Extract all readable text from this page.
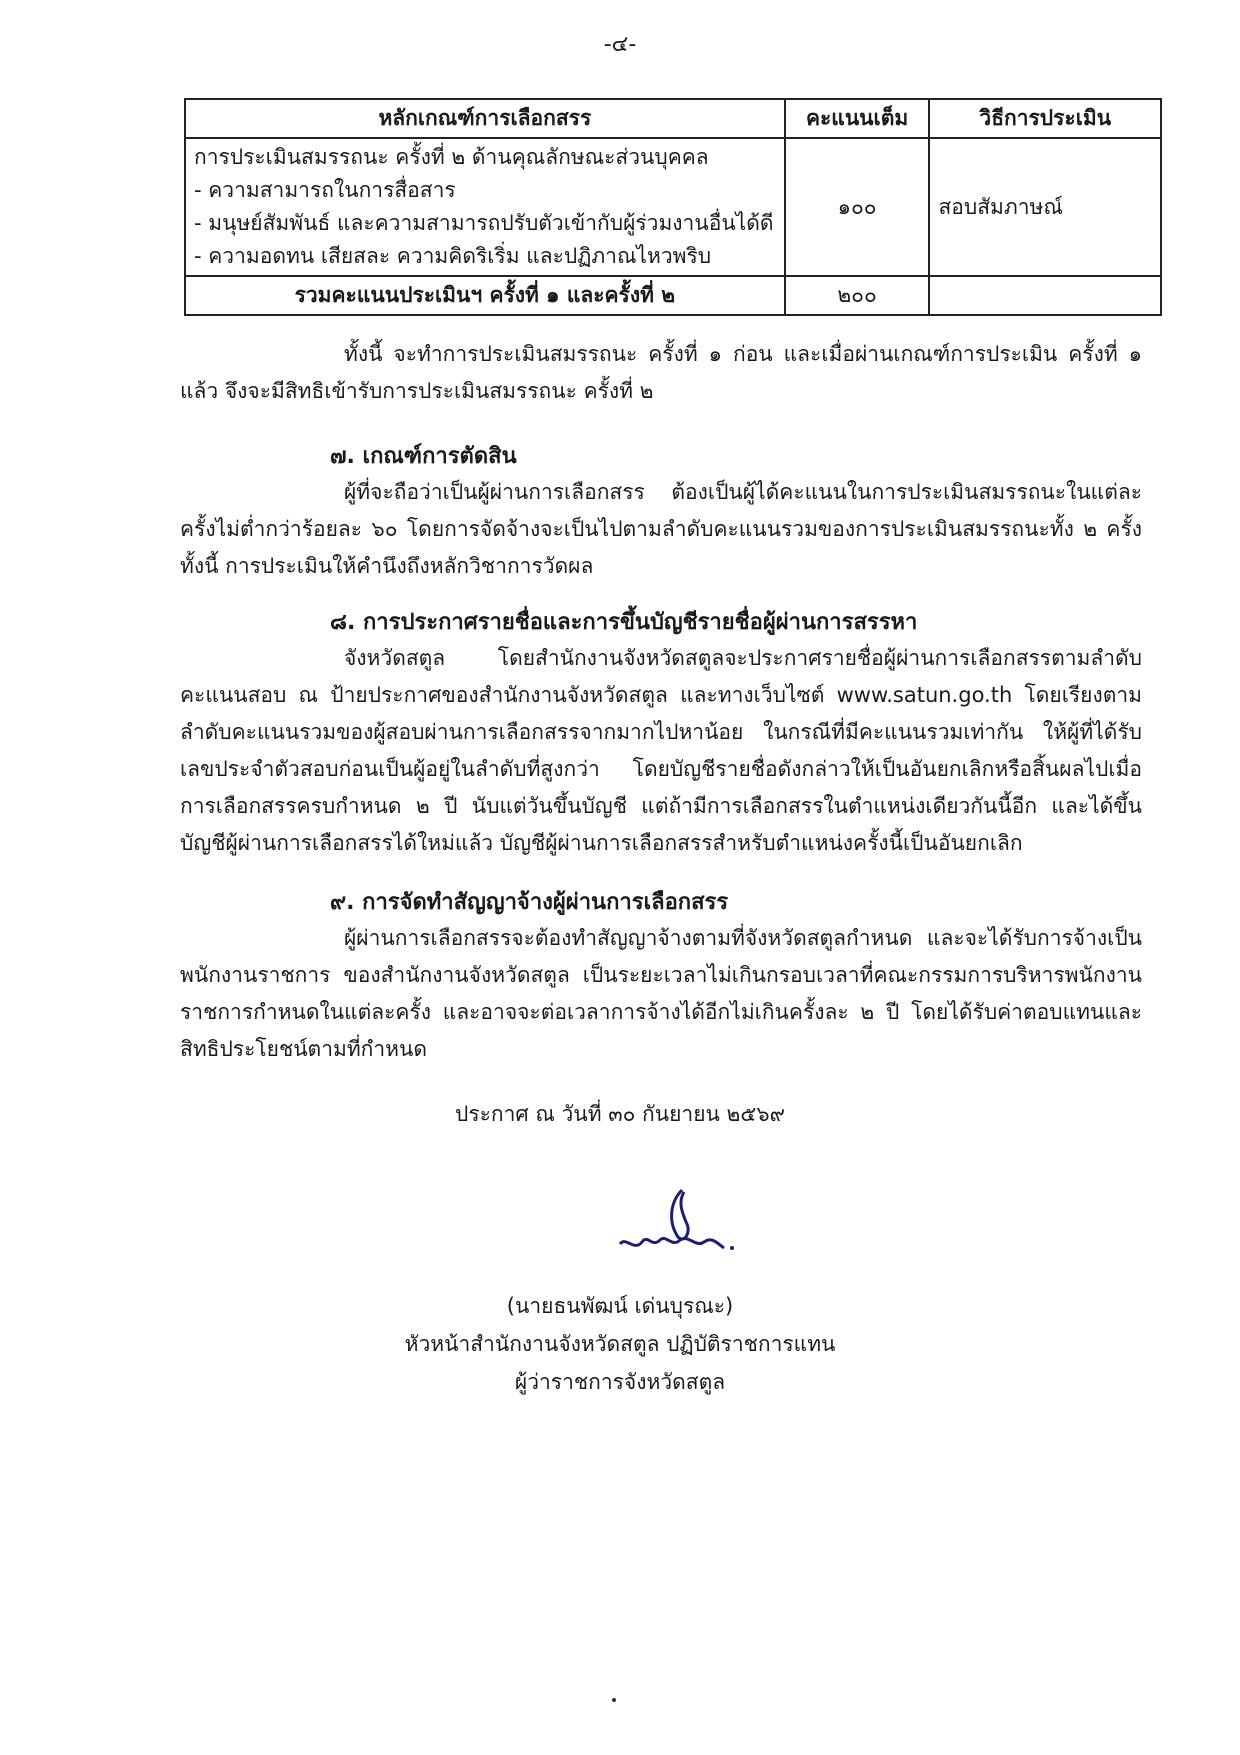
-๔-
หลักเกณฑ์การเลือกสรร	คะแนนเต็ม	วิธีการประเมิน

การประเมินสมรรถนะ ครั้งที่ ๒ ด้านคุณลักษณะส่วนบุคคล
- ความสามารถในการสื่อสาร
- มนุษย์สัมพันธ์ และความสามารถปรับตัวเข้ากับผู้ร่วมงานอื่นได้ดี
- ความอดทน เสียสละ ความคิดริเริ่ม และปฏิภาณไหวพริบ	๑๐๐	สอบสัมภาษณ์
รวมคะแนนประเมินฯ ครั้งที่ ๑ และครั้งที่ ๒	๒๐๐	

ทั้งนี้ จะทำการประเมินสมรรถนะ ครั้งที่ ๑ ก่อน และเมื่อผ่านเกณฑ์การประเมิน ครั้งที่ ๑ แล้ว จึงจะมีสิทธิเข้ารับการประเมินสมรรถนะ ครั้งที่ ๒

๗. เกณฑ์การตัดสิน

ผู้ที่จะถือว่าเป็นผู้ผ่านการเลือกสรร ต้องเป็นผู้ได้คะแนนในการประเมินสมรรถนะในแต่ละครั้งไม่ต่ำกว่าร้อยละ ๖๐ โดยการจัดจ้างจะเป็นไปตามลำดับคะแนนรวมของการประเมินสมรรถนะทั้ง ๒ ครั้ง ทั้งนี้ การประเมินให้คำนึงถึงหลักวิชาการวัดผล

๘. การประกาศรายชื่อและการขึ้นบัญชีรายชื่อผู้ผ่านการสรรหา

จังหวัดสตูล โดยสำนักงานจังหวัดสตูลจะประกาศรายชื่อผู้ผ่านการเลือกสรรตามลำดับคะแนนสอบ ณ ป้ายประกาศของสำนักงานจังหวัดสตูล และทางเว็บไซต์ www.satun.go.th โดยเรียงตามลำดับคะแนนรวมของผู้สอบผ่านการเลือกสรรจากมากไปหาน้อย ในกรณีที่มีคะแนนรวมเท่ากัน ให้ผู้ที่ได้รับเลขประจำตัวสอบก่อนเป็นผู้อยู่ในลำดับที่สูงกว่า โดยบัญชีรายชื่อดังกล่าวให้เป็นอันยกเลิกหรือสิ้นผลไปเมื่อการเลือกสรรครบกำหนด ๒ ปี นับแต่วันขึ้นบัญชี แต่ถ้ามีการเลือกสรรในตำแหน่งเดียวกันนี้อีก และได้ขึ้นบัญชีผู้ผ่านการเลือกสรรได้ใหม่แล้ว บัญชีผู้ผ่านการเลือกสรรสำหรับตำแหน่งครั้งนี้เป็นอันยกเลิก

๙. การจัดทำสัญญาจ้างผู้ผ่านการเลือกสรร

ผู้ผ่านการเลือกสรรจะต้องทำสัญญาจ้างตามที่จังหวัดสตูลกำหนด และจะได้รับการจ้างเป็นพนักงานราชการ ของสำนักงานจังหวัดสตูล เป็นระยะเวลาไม่เกินกรอบเวลาที่คณะกรรมการบริหารพนักงานราชการกำหนดในแต่ละครั้ง และอาจจะต่อเวลาการจ้างได้อีกไม่เกินครั้งละ ๒ ปี โดยได้รับค่าตอบแทนและสิทธิประโยชน์ตามที่กำหนด

ประกาศ ณ วันที่ ๓๐ กันยายน ๒๕๖๙
(นายธนพัฒน์ เด่นบุรณะ)
หัวหน้าสำนักงานจังหวัดสตูล ปฏิบัติราชการแทน
ผู้ว่าราชการจังหวัดสตูล
